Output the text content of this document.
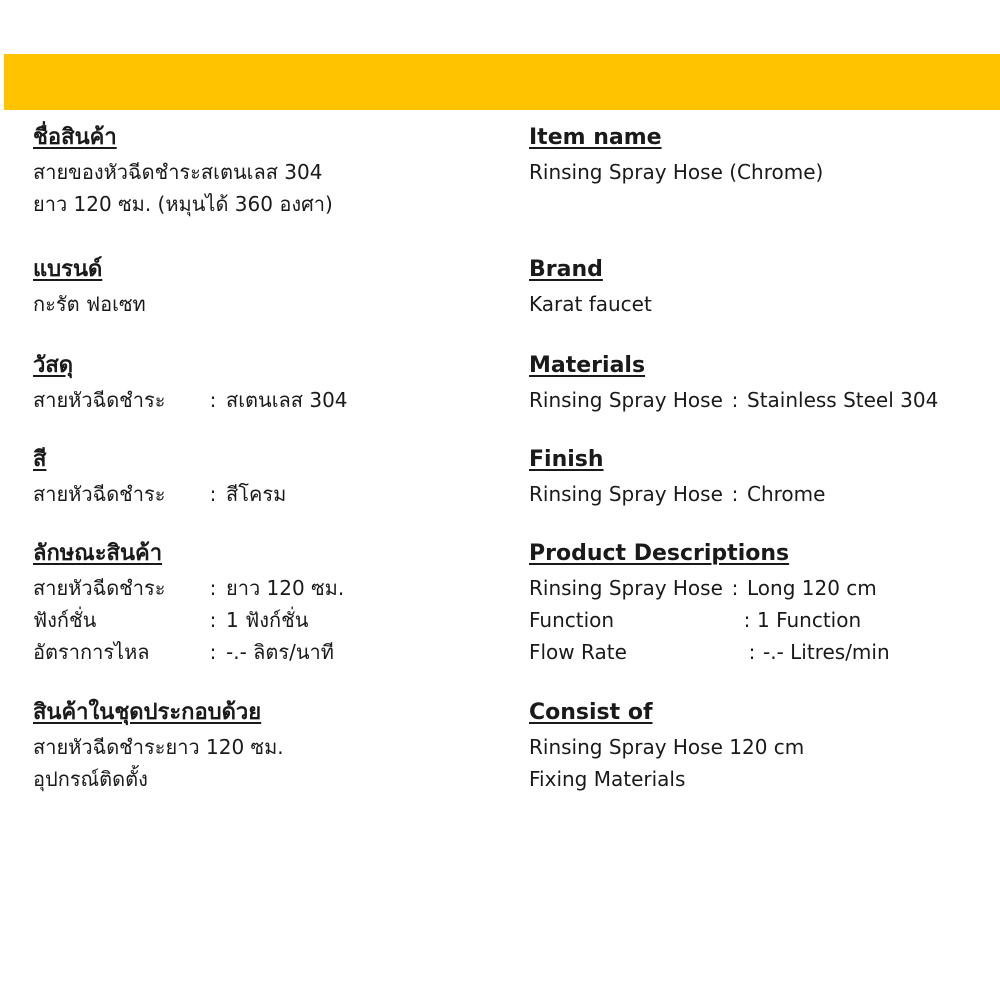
ชื่อสินค้า
สายของหัวฉีดชำระสเตนเลส 304
ยาว 120 ซม. (หมุนได้ 360 องศา)
แบรนด์
กะรัต ฟอเซท
วัสดุ
สายหัวฉีดชำระ	: สเตนเลส 304
สี
สายหัวฉีดชำระ	: สีโครม
ลักษณะสินค้า
สายหัวฉีดชำระ	: ยาว 120 ซม.
ฟังก์ชั่น	: 1 ฟังก์ชั่น
อัตราการไหล	: -.- ลิตร/นาที
สินค้าในชุดประกอบด้วย
สายหัวฉีดชำระยาว 120 ซม.
อุปกรณ์ติดตั้ง
Item name
Rinsing Spray Hose (Chrome)
Brand
Karat faucet
Materials
Rinsing Spray Hose : Stainless Steel 304
Finish
Rinsing Spray Hose : Chrome
Product Descriptions
Rinsing Spray Hose : Long 120 cm
Function	: 1 Function
Flow Rate	: -.- Litres/min
Consist of
Rinsing Spray Hose 120 cm
Fixing Materials
